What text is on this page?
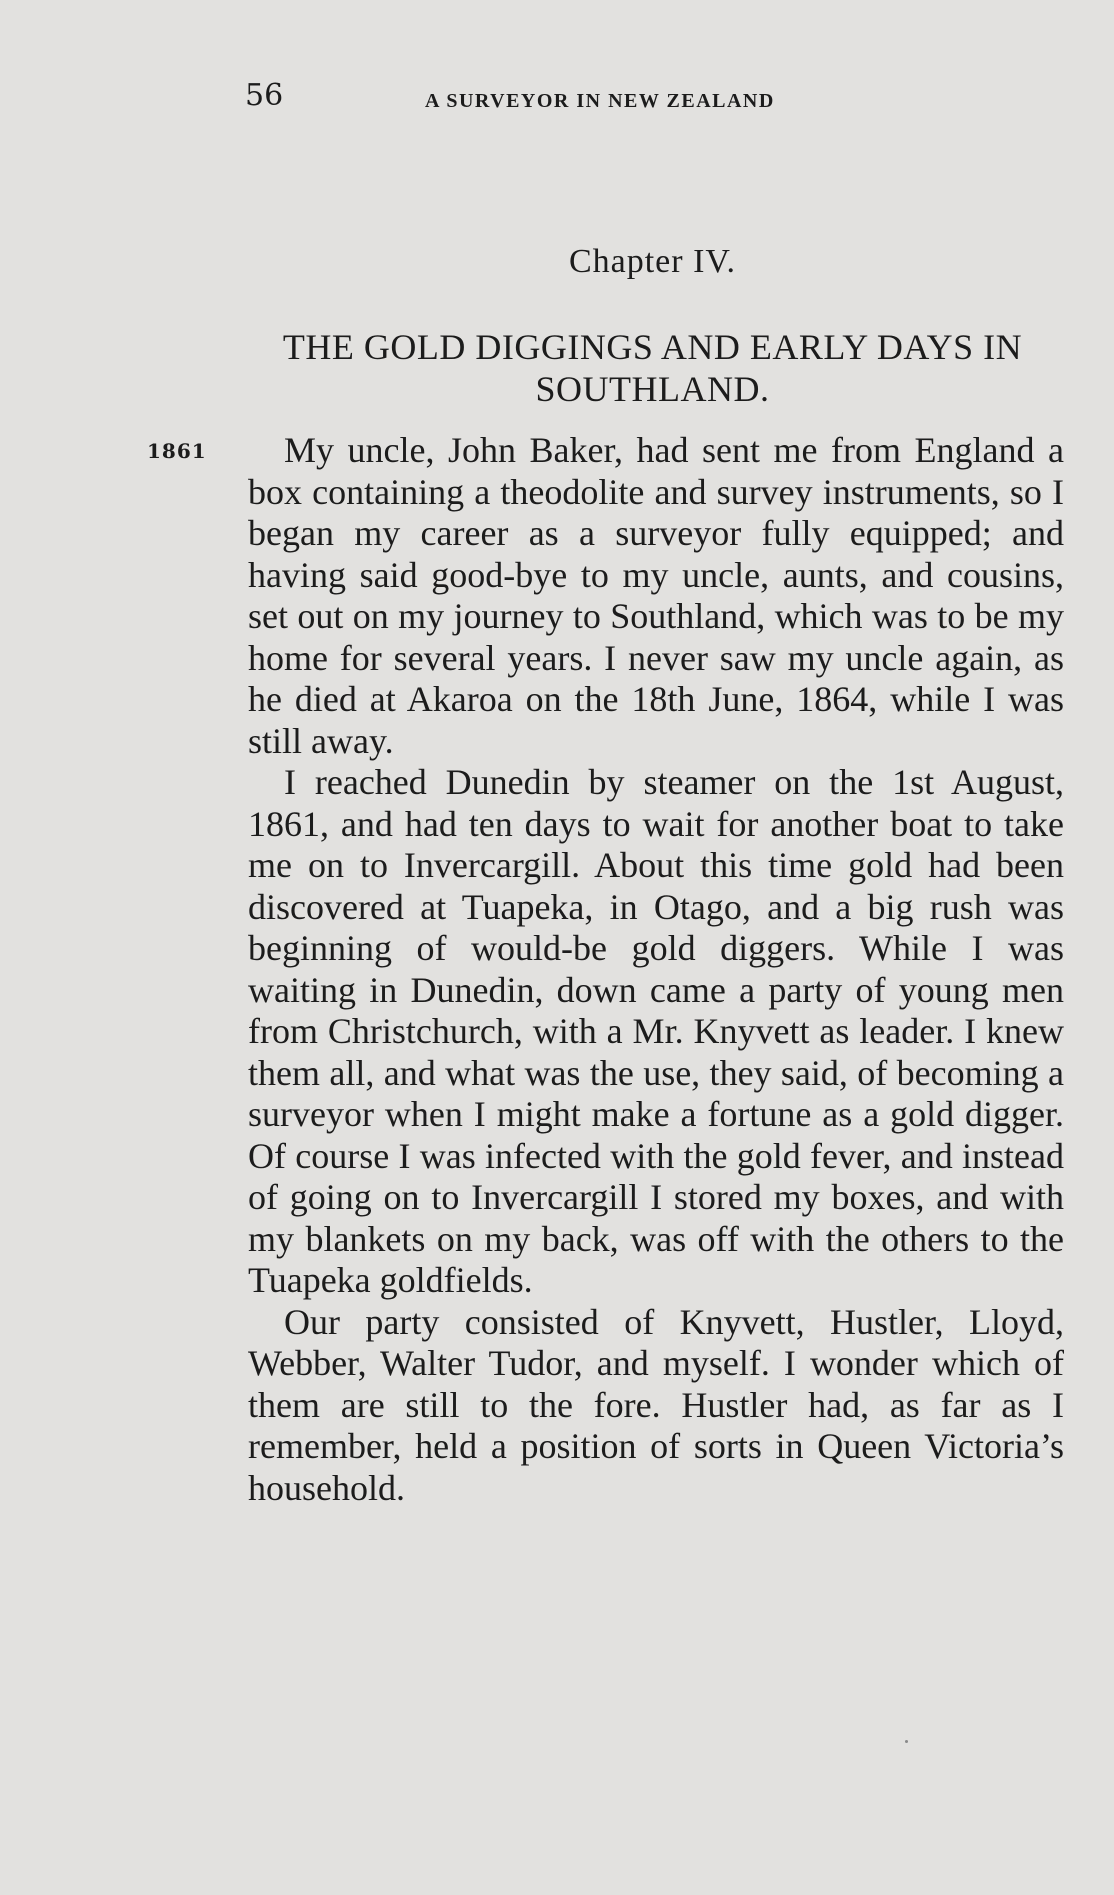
56	A SURVEYOR IN NEW ZEALAND
Chapter IV.
THE GOLD DIGGINGS AND EARLY DAYS IN SOUTHLAND.
1861	My uncle, John Baker, had sent me from England a box containing a theodolite and survey instruments, so I began my career as a surveyor fully equipped; and having said good-bye to my uncle, aunts, and cousins, set out on my journey to Southland, which was to be my home for several years. I never saw my uncle again, as he died at Akaroa on the 18th June, 1864, while I was still away.

I reached Dunedin by steamer on the 1st August, 1861, and had ten days to wait for another boat to take me on to Invercargill. About this time gold had been discovered at Tuapeka, in Otago, and a big rush was beginning of would-be gold diggers. While I was waiting in Dunedin, down came a party of young men from Christchurch, with a Mr. Knyvett as leader. I knew them all, and what was the use, they said, of becoming a surveyor when I might make a fortune as a gold digger. Of course I was infected with the gold fever, and instead of going on to Invercargill I stored my boxes, and with my blankets on my back, was off with the others to the Tuapeka goldfields.

Our party consisted of Knyvett, Hustler, Lloyd, Webber, Walter Tudor, and myself. I wonder which of them are still to the fore. Hustler had, as far as I remember, held a position of sorts in Queen Victoria’s household.
